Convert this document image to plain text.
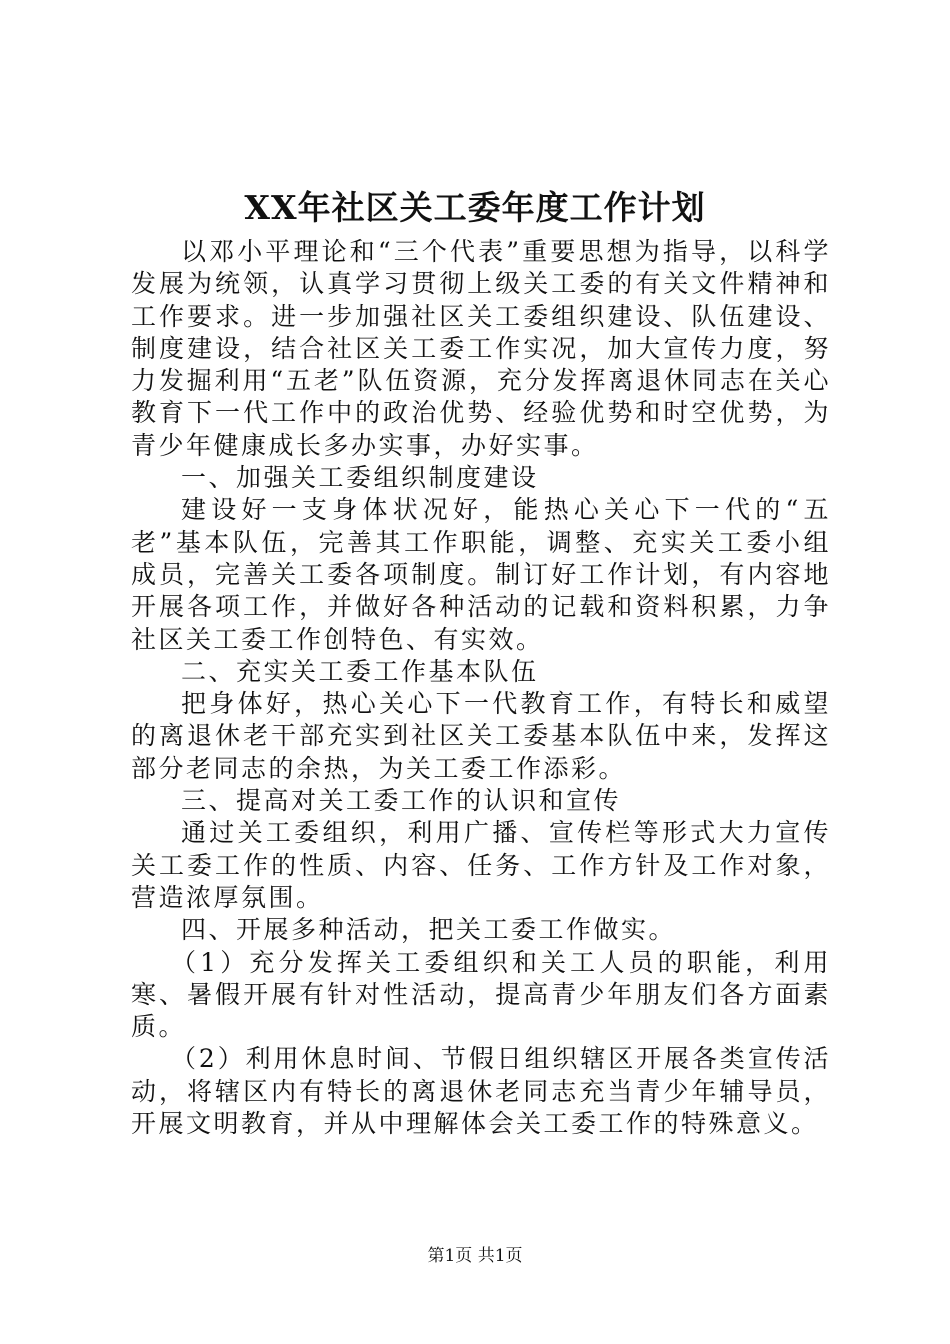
XX年社区关工委年度工作计划

以邓小平理论和“三个代表”重要思想为指导，以科学发展为统领，认真学习贯彻上级关工委的有关文件精神和工作要求。进一步加强社区关工委组织建设、队伍建设、制度建设，结合社区关工委工作实况，加大宣传力度，努力发掘利用“五老”队伍资源，充分发挥离退休同志在关心教育下一代工作中的政治优势、经验优势和时空优势，为青少年健康成长多办实事，办好实事。

一、加强关工委组织制度建设

建设好一支身体状况好，能热心关心下一代的“五老”基本队伍，完善其工作职能，调整、充实关工委小组成员，完善关工委各项制度。制订好工作计划，有内容地开展各项工作，并做好各种活动的记载和资料积累，力争社区关工委工作创特色、有实效。

二、充实关工委工作基本队伍

把身体好，热心关心下一代教育工作，有特长和威望的离退休老干部充实到社区关工委基本队伍中来，发挥这部分老同志的余热，为关工委工作添彩。

三、提高对关工委工作的认识和宣传

通过关工委组织，利用广播、宣传栏等形式大力宣传关工委工作的性质、内容、任务、工作方针及工作对象，营造浓厚氛围。

四、开展多种活动，把关工委工作做实。

（1）充分发挥关工委组织和关工人员的职能，利用寒、暑假开展有针对性活动，提高青少年朋友们各方面素质。

（2）利用休息时间、节假日组织辖区开展各类宣传活动，将辖区内有特长的离退休老同志充当青少年辅导员，开展文明教育，并从中理解体会关工委工作的特殊意义。

第1页 共1页
